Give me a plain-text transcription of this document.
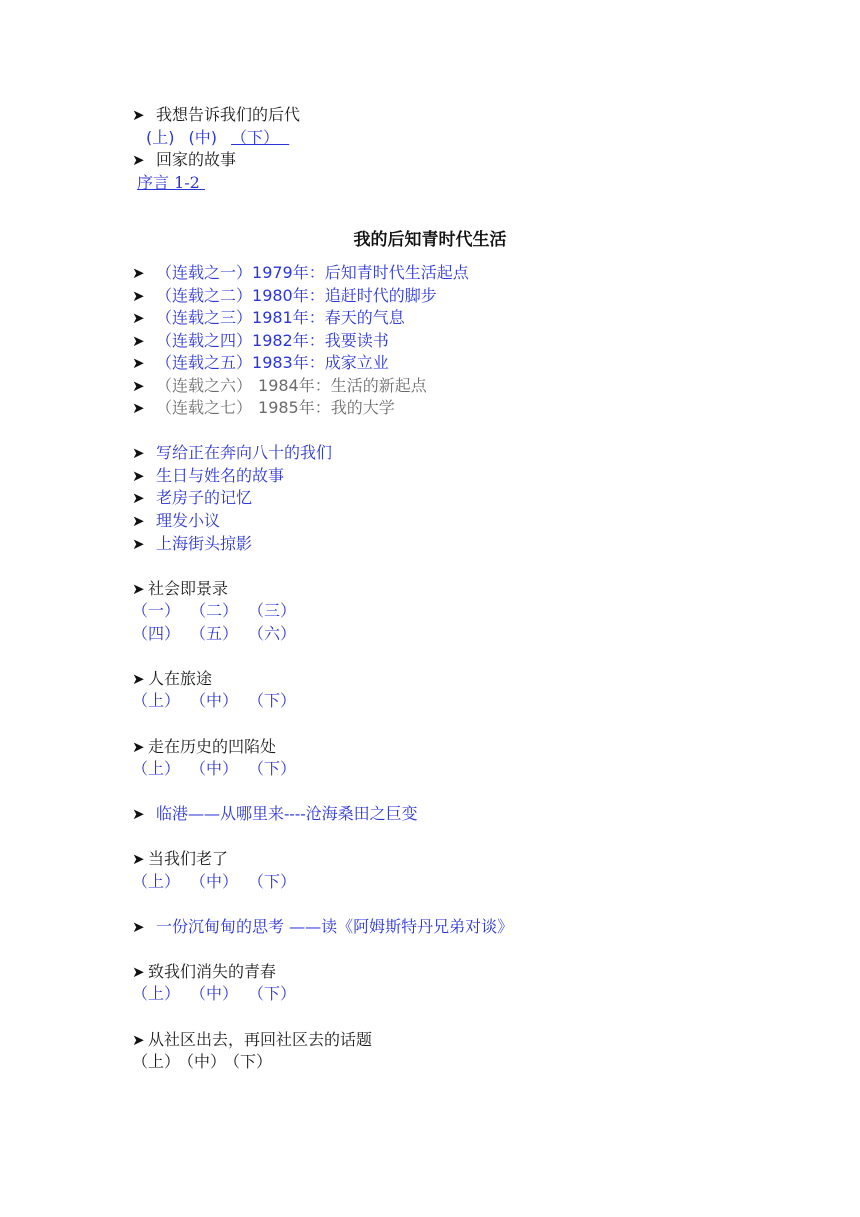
➤ 我想告诉我们的后代
(上) (中) （下）
➤ 回家的故事
序言 1-2
我的后知青时代生活
➤ （连载之一）1979年：后知青时代生活起点
➤ （连载之二）1980年：追赶时代的脚步
➤ （连载之三）1981年：春天的气息
➤ （连载之四）1982年：我要读书
➤ （连载之五）1983年：成家立业
➤ （连载之六） 1984年：生活的新起点
➤ （连载之七） 1985年：我的大学
➤ 写给正在奔向八十的我们
➤ 生日与姓名的故事
➤ 老房子的记忆
➤ 理发小议
➤ 上海街头掠影
➤ 社会即景录
（一） （二） （三）
（四） （五） （六）
➤ 人在旅途
（上） （中） （下）
➤ 走在历史的凹陷处
（上） （中） （下）
➤ 临港——从哪里来----沧海桑田之巨变
➤ 当我们老了
（上） （中） （下）
➤ 一份沉甸甸的思考 ——读《阿姆斯特丹兄弟对谈》
➤ 致我们消失的青春
（上） （中） （下）
➤ 从社区出去，再回社区去的话题
（上） （中） （下）
